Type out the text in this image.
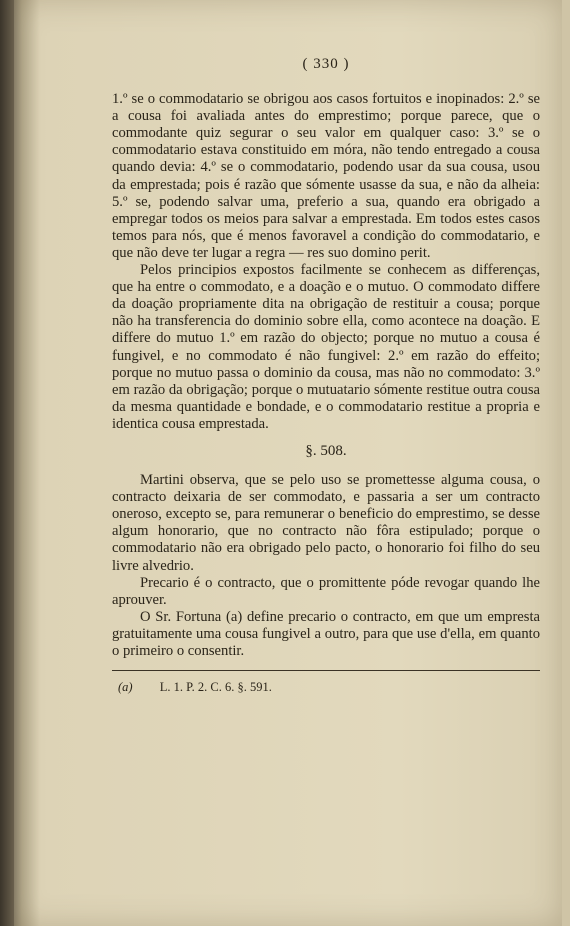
( 330 )

1.º se o commodatario se obrigou aos casos fortuitos e inopinados: 2.º se a cousa foi avaliada antes do emprestimo; porque parece, que o commodante quiz segurar o seu valor em qualquer caso: 3.º se o commodatario estava constituido em móra, não tendo entregado a cousa quando devia: 4.º se o commodatario, podendo usar da sua cousa, usou da emprestada; pois é razão que sómente usasse da sua, e não da alheia: 5.º se, podendo salvar uma, preferio a sua, quando era obrigado a empregar todos os meios para salvar a emprestada. Em todos estes casos temos para nós, que é menos favoravel a condição do commodatario, e que não deve ter lugar a regra — res suo domino perit.

Pelos principios expostos facilmente se conhecem as differenças, que ha entre o commodato, e a doação e o mutuo. O commodato differe da doação propriamente dita na obrigação de restituir a cousa; porque não ha transferencia do dominio sobre ella, como acontece na doação. E differe do mutuo 1.º em razão do objecto; porque no mutuo a cousa é fungivel, e no commodato é não fungivel: 2.º em razão do effeito; porque no mutuo passa o dominio da cousa, mas não no commodato: 3.º em razão da obrigação; porque o mutuatario sómente restitue outra cousa da mesma quantidade e bondade, e o commodatario restitue a propria e identica cousa emprestada.

§. 508.

Martini observa, que se pelo uso se promettesse alguma cousa, o contracto deixaria de ser commodato, e passaria a ser um contracto oneroso, excepto se, para remunerar o beneficio do emprestimo, se desse algum honorario, que no contracto não fôra estipulado; porque o commodatario não era obrigado pelo pacto, o honorario foi filho do seu livre alvedrio.

Precario é o contracto, que o promittente póde revogar quando lhe aprouver.

O Sr. Fortuna (a) define precario o contracto, em que um empresta gratuitamente uma cousa fungivel a outro, para que use d'ella, em quanto o primeiro o consentir.

(a) L. 1. P. 2. C. 6. §. 591.
